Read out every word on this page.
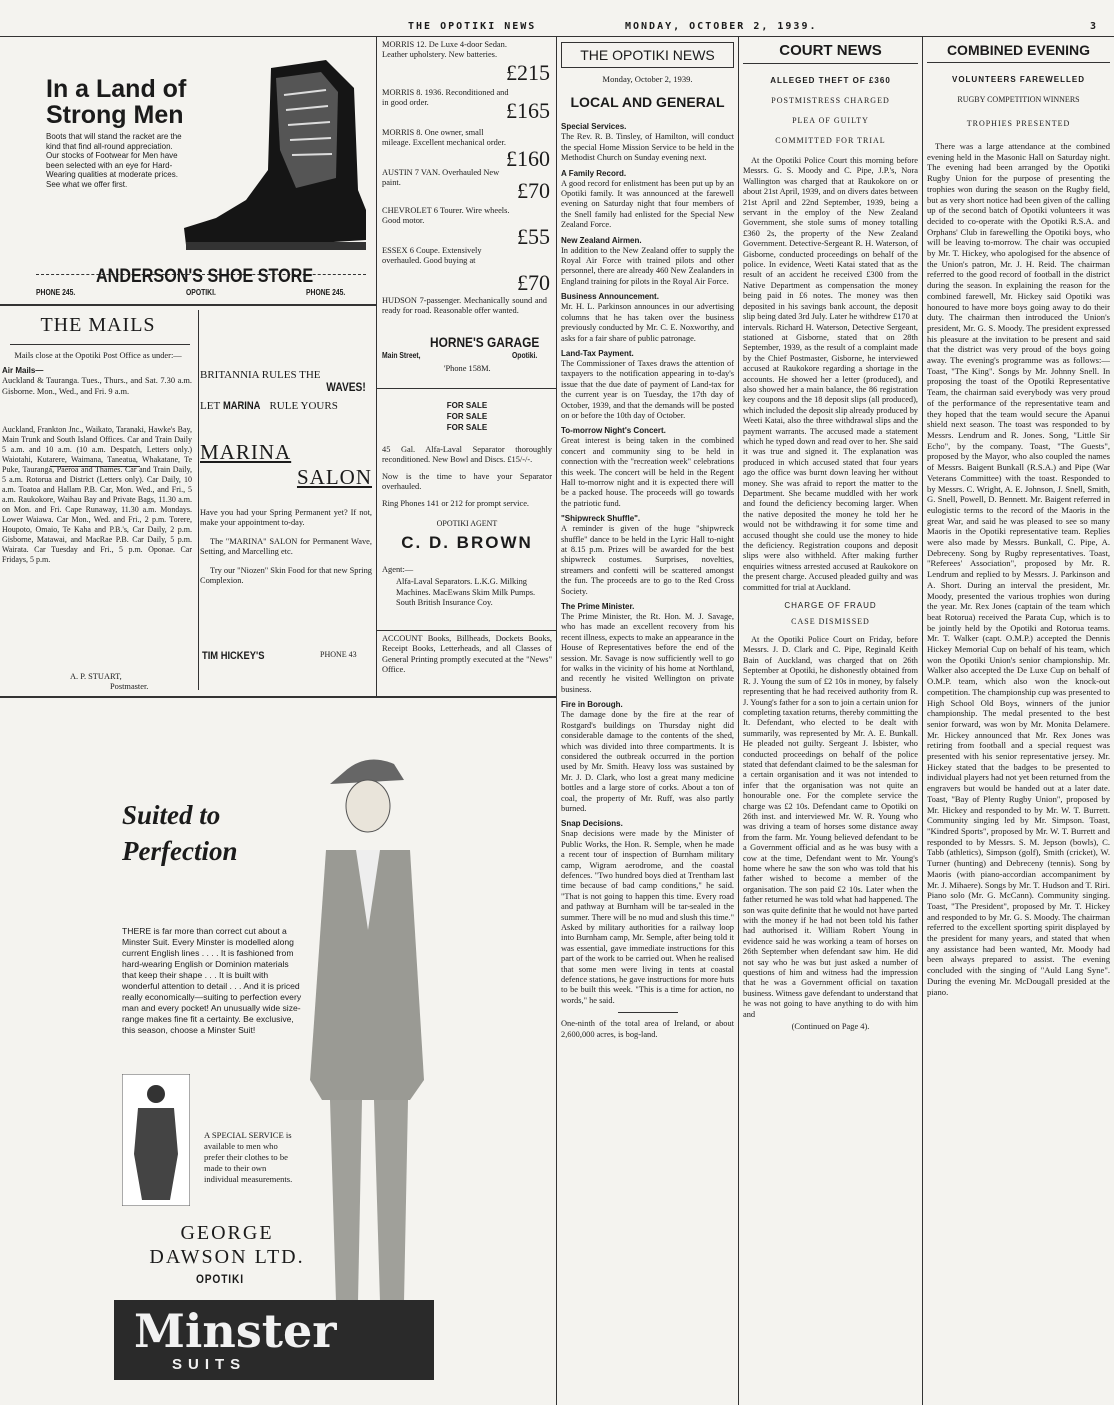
THE OPOTIKI NEWS	MONDAY, OCTOBER 2, 1939.	3
In a Land of Strong Men
Boots that will stand the racket are the kind that find all-round appreciation. Our stocks of Footwear for Men have been selected with an eye for Hard-Wearing qualities at moderate prices. See what we offer first.
ANDERSON'S SHOE STORE
PHONE 245.	OPOTIKI.	PHONE 245.
THE MAILS
Mails close at the Opotiki Post Office as under:—
Air Mails—
Auckland & Tauranga. Tues., Thurs., and Sat. 7.30 a.m. Gisborne. Mon., Wed., and Fri. 9 a.m.
Auckland, Frankton Jnc., Waikato, Taranaki, Hawke's Bay, Main Trunk and South Island Offices. Car and Train Daily 5 a.m. and 10 a.m. (10 a.m. Despatch, Letters only.) Waiotahi, Kutarere, Waimana, Taneatua, Whakatane, Te Puke, Tauranga, Paeroa and Thames. Car and Train Daily, 5 a.m. Rotorua and District (Letters only). Car Daily, 10 a.m. Toatoa and Hallam P.B. Car, Mon. Wed., and Fri., 5 a.m. Raukokore, Waihau Bay and Private Bags, 11.30 a.m. on Mon. and Fri. Cape Runaway, 11.30 a.m. Mondays. Lower Waiawa. Car Mon., Wed. and Fri., 2 p.m. Torere, Houpoto, Omaio, Te Kaha and P.B.'s, Car Daily, 2 p.m. Gisborne, Matawai, and MacRae P.B. Car Daily, 5 p.m. Wairata. Car Tuesday and Fri., 5 p.m. Oponae. Car Fridays, 5 p.m.
A. P. STUART,
Postmaster.
BRITANNIA RULES THE
WAVES!
LET MARINA RULE YOURS
MARINA
SALON
Have you had your Spring Permanent yet? If not, make your appointment to-day.
The "MARINA" SALON for Permanent Wave, Setting, and Marcelling etc.
Try our "Niozen" Skin Food for that new Spring Complexion.
TIM HICKEY'S	PHONE 43
MORRIS 12. De Luxe 4-door Sedan. Leather upholstery. New batteries.
£215
MORRIS 8. 1936. Reconditioned and in good order.	£165
MORRIS 8. One owner, small mileage. Excellent mechanical order.
£160
AUSTIN 7 VAN. Overhauled New paint.	£70
CHEVROLET 6 Tourer. Wire wheels. Good motor.
£55
ESSEX 6 Coupe. Extensively overhauled. Good buying at
£70
HUDSON 7-passenger. Mechanically sound and ready for road. Reasonable offer wanted.
HORNE'S GARAGE
Main Street,	Opotiki.
'Phone 158M.
FOR SALE
FOR SALE
FOR SALE
45 Gal. Alfa-Laval Separator thoroughly reconditioned. New Bowl and Discs. £15/-/-.
Now is the time to have your Separator overhauled.
Ring Phones 141 or 212 for prompt service.
OPOTIKI AGENT
C. D. BROWN
Agent:—
Alfa-Laval Separators. L.K.G. Milking Machines. MacEwans Skim Milk Pumps. South British Insurance Coy.
ACCOUNT Books, Billheads, Dockets Books, Receipt Books, Letterheads, and all Classes of General Printing promptly executed at the "News" Office.
Suited to
Perfection
THERE is far more than correct cut about a Minster Suit. Every Minster is modelled along current English lines . . . . It is fashioned from hard-wearing English or Dominion materials that keep their shape . . . It is built with wonderful attention to detail . . . And it is priced really economically—suiting to perfection every man and every pocket! An unusually wide size-range makes fine fit a certainty. Be exclusive, this season, choose a Minster Suit!
A SPECIAL SERVICE is available to men who prefer their clothes to be made to their own individual measurements.
GEORGE
DAWSON LTD.
OPOTIKI
Minster
SUITS
THE OPOTIKI NEWS
Monday, October 2, 1939.
LOCAL AND GENERAL
Special Services.
The Rev. R. B. Tinsley, of Hamilton, will conduct the special Home Mission Service to be held in the Methodist Church on Sunday evening next.
A Family Record.
A good record for enlistment has been put up by an Opotiki family. It was announced at the farewell evening on Saturday night that four members of the Snell family had enlisted for the Special New Zealand Force.
New Zealand Airmen.
In addition to the New Zealand offer to supply the Royal Air Force with trained pilots and other personnel, there are already 460 New Zealanders in England training for pilots in the Royal Air Force.
Business Announcement.
Mr. H. L. Parkinson announces in our advertising columns that he has taken over the business previously conducted by Mr. C. E. Noxworthy, and asks for a fair share of public patronage.
Land-Tax Payment.
The Commissioner of Taxes draws the attention of taxpayers to the notification appearing in to-day's issue that the due date of payment of Land-tax for the current year is on Tuesday, the 17th day of October, 1939, and that the demands will be posted on or before the 10th day of October.
To-morrow Night's Concert.
Great interest is being taken in the combined concert and community sing to be held in connection with the "recreation week" celebrations this week. The concert will be held in the Regent Hall to-morrow night and it is expected there will be a packed house. The proceeds will go towards the patriotic fund.
"Shipwreck Shuffle".
A reminder is given of the huge "shipwreck shuffle" dance to be held in the Lyric Hall to-night at 8.15 p.m. Prizes will be awarded for the best shipwreck costumes. Surprises, novelties, streamers and confetti will be scattered amongst the fun. The proceeds are to go to the Red Cross Society.
The Prime Minister.
The Prime Minister, the Rt. Hon. M. J. Savage, who has made an excellent recovery from his recent illness, expects to make an appearance in the House of Representatives before the end of the session. Mr. Savage is now sufficiently well to go for walks in the vicinity of his home at Northland, and recently he visited Wellington on private business.
Fire in Borough.
The damage done by the fire at the rear of Rostgard's buildings on Thursday night did considerable damage to the contents of the shed, which was divided into three compartments. It is considered the outbreak occurred in the portion used by Mr. Smith. Heavy loss was sustained by Mr. J. D. Clark, who lost a great many medicine bottles and a large store of corks. About a ton of coal, the property of Mr. Ruff, was also partly burned.
Snap Decisions.
Snap decisions were made by the Minister of Public Works, the Hon. R. Semple, when he made a recent tour of inspection of Burnham military camp, Wigram aerodrome, and the coastal defences. "Two hundred boys died at Trentham last time because of bad camp conditions," he said. "That is not going to happen this time. Every road and pathway at Burnham will be tar-sealed in the summer. There will be no mud and slush this time." Asked by military authorities for a railway loop into Burnham camp, Mr. Semple, after being told it was essential, gave immediate instructions for this part of the work to be carried out. When he realised that some men were living in tents at coastal defence stations, he gave instructions for more huts to be built this week. "This is a time for action, no words," he said.
One-ninth of the total area of Ireland, or about 2,600,000 acres, is bog-land.
COURT NEWS
ALLEGED THEFT OF £360
POSTMISTRESS CHARGED
PLEA OF GUILTY
COMMITTED FOR TRIAL
At the Opotiki Police Court this morning before Messrs. G. S. Moody and C. Pipe, J.P.'s, Nora Wallington was charged that at Raukokore on or about 21st April, 1939, and on divers dates between 21st April and 22nd September, 1939, being a servant in the employ of the New Zealand Government, she stole sums of money totalling £360 2s, the property of the New Zealand Government. Detective-Sergeant R. H. Waterson, of Gisborne, conducted proceedings on behalf of the police. In evidence, Weeti Katai stated that as the result of an accident he received £300 from the Native Department as compensation the money being paid in £6 notes. The money was then deposited in his savings bank account, the deposit slip being dated 3rd July. Later he withdrew £170 at intervals. Richard H. Waterson, Detective Sergeant, stationed at Gisborne, stated that on 28th September, 1939, as the result of a complaint made by the Chief Postmaster, Gisborne, he interviewed accused at Raukokore regarding a shortage in the accounts. He showed her a letter (produced), and also showed her a main balance, the 86 registration key coupons and the 18 deposit slips (all produced), which included the deposit slip already produced by Weeti Katai, also the three withdrawal slips and the payment warrants. The accused made a statement which he typed down and read over to her. She said it was true and signed it. The explanation was produced in which accused stated that four years ago the office was burnt down leaving her without money. She was afraid to report the matter to the Department. She became muddled with her work and found the deficiency becoming larger. When the native deposited the money he told her he would not be withdrawing it for some time and accused thought she could use the money to hide the deficiency. Registration coupons and deposit slips were also withheld. After making further enquiries witness arrested accused at Raukokore on the present charge. Accused pleaded guilty and was committed for trial at Auckland.
CHARGE OF FRAUD
CASE DISMISSED
At the Opotiki Police Court on Friday, before Messrs. J. D. Clark and C. Pipe, Reginald Keith Bain of Auckland, was charged that on 26th September at Opotiki, he dishonestly obtained from R. J. Young the sum of £2 10s in money, by falsely representing that he had received authority from R. J. Young's father for a son to join a certain union for completing taxation returns, thereby committing the It. Defendant, who elected to be dealt with summarily, was represented by Mr. A. E. Bunkall. He pleaded not guilty. Sergeant J. Isbister, who conducted proceedings on behalf of the police stated that defendant claimed to be the salesman for a certain organisation and it was not intended to infer that the organisation was not quite an honourable one. For the complete service the charge was £2 10s. Defendant came to Opotiki on 26th inst. and interviewed Mr. W. R. Young who was driving a team of horses some distance away from the farm. Mr. Young believed defendant to be a Government official and as he was busy with a cow at the time, Defendant went to Mr. Young's home where he saw the son who was told that his father wished to become a member of the organisation. The son paid £2 10s. Later when the father returned he was told what had happened. The son was quite definite that he would not have parted with the money if he had not been told his father had authorised it. William Robert Young in evidence said he was working a team of horses on 26th September when defendant saw him. He did not say who he was but just asked a number of questions of him and witness had the impression that he was a Government official on taxation business. Witness gave defendant to understand that he was not going to have anything to do with him and
(Continued on Page 4).
COMBINED EVENING
VOLUNTEERS FAREWELLED
RUGBY COMPETITION WINNERS
TROPHIES PRESENTED
There was a large attendance at the combined evening held in the Masonic Hall on Saturday night. The evening had been arranged by the Opotiki Rugby Union for the purpose of presenting the trophies won during the season on the Rugby field, but as very short notice had been given of the calling up of the second batch of Opotiki volunteers it was decided to co-operate with the Opotiki R.S.A. and Orphans' Club in farewelling the Opotiki boys, who will be leaving to-morrow. The chair was occupied by Mr. T. Hickey, who apologised for the absence of the Union's patron, Mr. J. H. Reid. The chairman referred to the good record of football in the district during the season. In explaining the reason for the combined farewell, Mr. Hickey said Opotiki was honoured to have more boys going away to do their duty. The chairman then introduced the Union's president, Mr. G. S. Moody. The president expressed his pleasure at the invitation to be present and said that the district was very proud of the boys going away. The evening's programme was as follows:— Toast, "The King". Songs by Mr. Johnny Snell. In proposing the toast of the Opotiki Representative Team, the chairman said everybody was very proud of the performance of the representative team and they hoped that the team would secure the Apanui shield next season. The toast was responded to by Messrs. Lendrum and R. Jones. Song, "Little Sir Echo", by the company. Toast, "The Guests", proposed by the Mayor, who also coupled the names of Messrs. Baigent Bunkall (R.S.A.) and Pipe (War Veterans Committee) with the toast. Responded to by Messrs. C. Wright, A. E. Johnson, J. Snell, Smith, G. Snell, Powell, D. Bennett. Mr. Baigent referred in eulogistic terms to the record of the Maoris in the great War, and said he was pleased to see so many Maoris in the Opotiki representative team. Replies were also made by Messrs. Bunkall, C. Pipe, A. Debreceny. Song by Rugby representatives. Toast, "Referees' Association", proposed by Mr. R. Lendrum and replied to by Messrs. J. Parkinson and A. Short. During an interval the president, Mr. Moody, presented the various trophies won during the year. Mr. Rex Jones (captain of the team which beat Rotorua) received the Parata Cup, which is to be jointly held by the Opotiki and Rotorua teams. Mr. T. Walker (capt. O.M.P.) accepted the Dennis Hickey Memorial Cup on behalf of his team, which won the Opotiki Union's senior championship. Mr. Walker also accepted the De Luxe Cup on behalf of O.M.P. team, which also won the knock-out competition. The championship cup was presented to High School Old Boys, winners of the junior championship. The medal presented to the best senior forward, was won by Mr. Monita Delamere. Mr. Hickey announced that Mr. Rex Jones was retiring from football and a special request was presented with his senior representative jersey. Mr. Hickey stated that the badges to be presented to individual players had not yet been returned from the engravers but would be handed out at a later date. Toast, "Bay of Plenty Rugby Union", proposed by Mr. Hickey and responded to by Mr. W. T. Burrett. Community singing led by Mr. Simpson. Toast, "Kindred Sports", proposed by Mr. W. T. Burrett and responded to by Messrs. S. M. Jepson (bowls), C. Tabb (athletics), Simpson (golf), Smith (cricket), W. Turner (hunting) and Debreceny (tennis). Song by Maoris (with piano-accordian accompaniment by Mr. J. Mihaere). Songs by Mr. T. Hudson and T. Riri. Piano solo (Mr. G. McCann). Community singing. Toast, "The President", proposed by Mr. T. Hickey and responded to by Mr. G. S. Moody. The chairman referred to the excellent sporting spirit displayed by the president for many years, and stated that when any assistance had been wanted, Mr. Moody had been always prepared to assist. The evening concluded with the singing of "Auld Lang Syne". During the evening Mr. McDougall presided at the piano.
